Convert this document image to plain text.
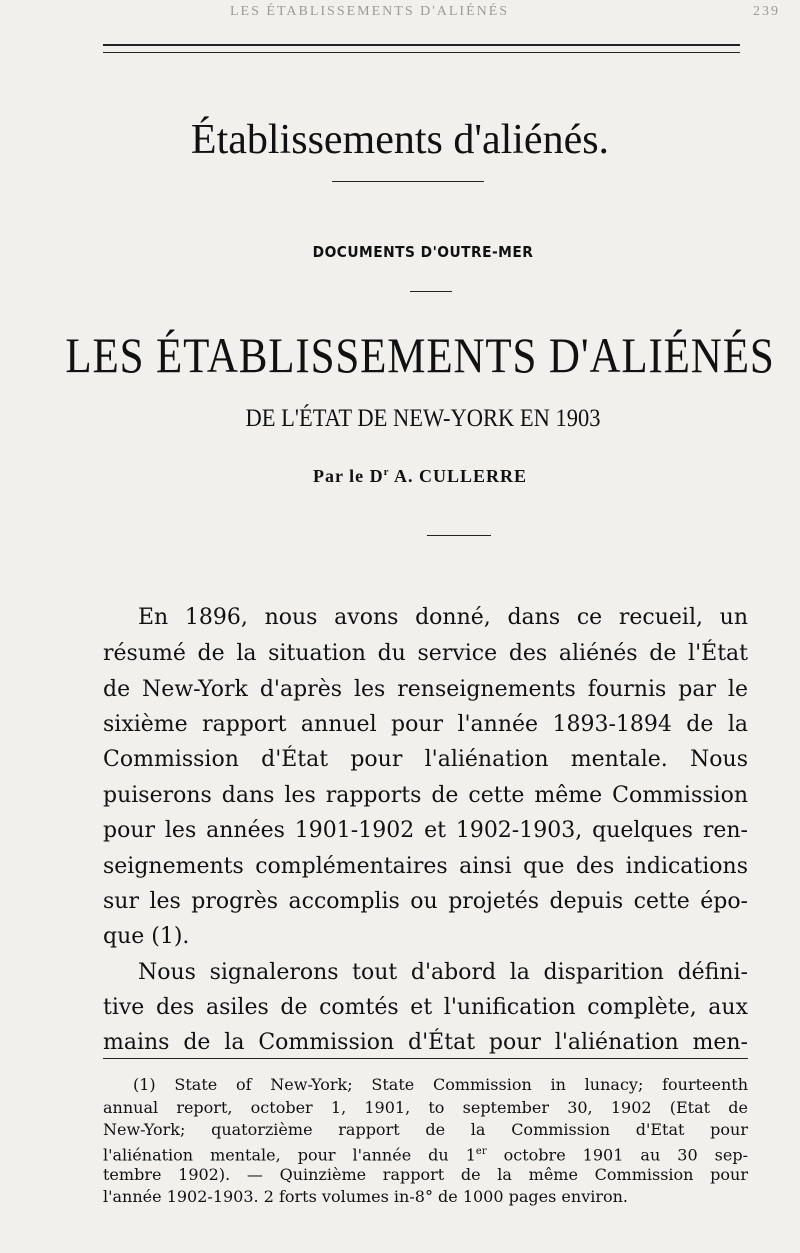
LES ÉTABLISSEMENTS D'ALIÉNÉS	239

Établissements d'aliénés.

DOCUMENTS D'OUTRE-MER

LES ÉTABLISSEMENTS D'ALIÉNÉS

DE L'ÉTAT DE NEW-YORK EN 1903

Par le $D^r$ A. CULLERRE

En 1896, nous avons donné, dans ce recueil, un

résumé de la situation du service des aliénés de l'État

de New-York d'après les renseignements fournis par le

sixième rapport annuel pour l'année 1893-1894 de la

Commission d'État pour l'aliénation mentale. Nous

puiserons dans les rapports de cette même Commission

pour les années 1901-1902 et 1902-1903, quelques ren-

seignements complémentaires ainsi que des indications

sur les progrès accomplis ou projetés depuis cette épo-

que (1).

Nous signalerons tout d'abord la disparition défini-

tive des asiles de comtés et l'unification complète, aux

mains de la Commission d'État pour l'aliénation men-

(1) State of New-York; State Commission in lunacy; fourteenth

annual report, october 1, 1901, to september 30, 1902 (Etat de

New-York; quatorzième rapport de la Commission d'Etat pour

l'aliénation mentale, pour l'année du 1er octobre 1901 au 30 sep-

tembre 1902). — Quinzième rapport de la même Commission pour

l'année 1902-1903. 2 forts volumes in-8° de 1000 pages environ.
